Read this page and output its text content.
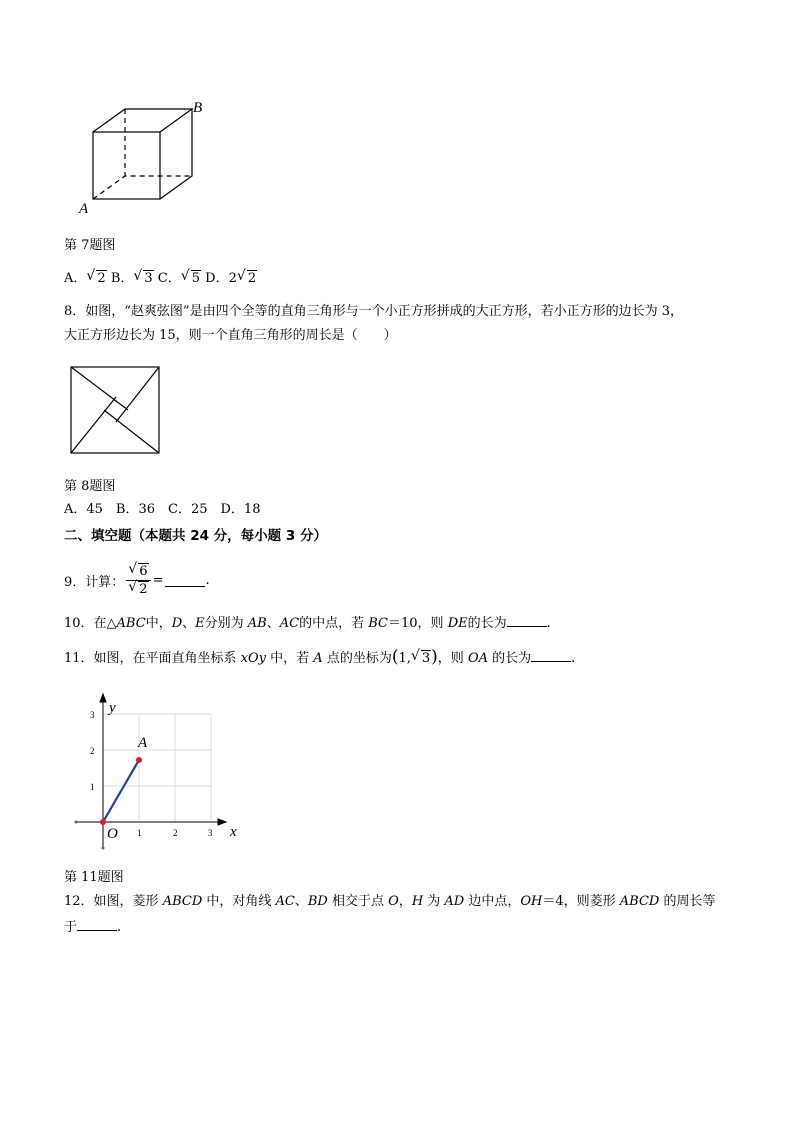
B
A
第 7题图
A． √ 2 B． √ 3 C． √ 5 D．2 √ 2
8．如图，“赵爽弦图”是由四个全等的直角三角形与一个小正方形拼成的大正方形，若小正方形的边长为 3，
大正方形边长为 15，则一个直角三角形的周长是（　　）
第 8题图
A．45　B．36　C．25　D．18
二、填空题（本题共 24 分，每小题 3 分）
9．计算： $\frac{√ 6}{√ 2}$ =	.
10．在△ABC中，D、E分别为 AB、AC的中点，若 BC＝10，则 DE的长为	.
11．如图，在平面直角坐标系 xOy 中，若 A 点的坐标为(1, √ 3)，则 OA 的长为	.
1	2	3
1
2
3 y
x
O
A
第 11题图
12．如图，菱形 ABCD 中，对角线 AC、BD 相交于点 O，H 为 AD 边中点，OH＝4，则菱形 ABCD 的周长等
于	.
